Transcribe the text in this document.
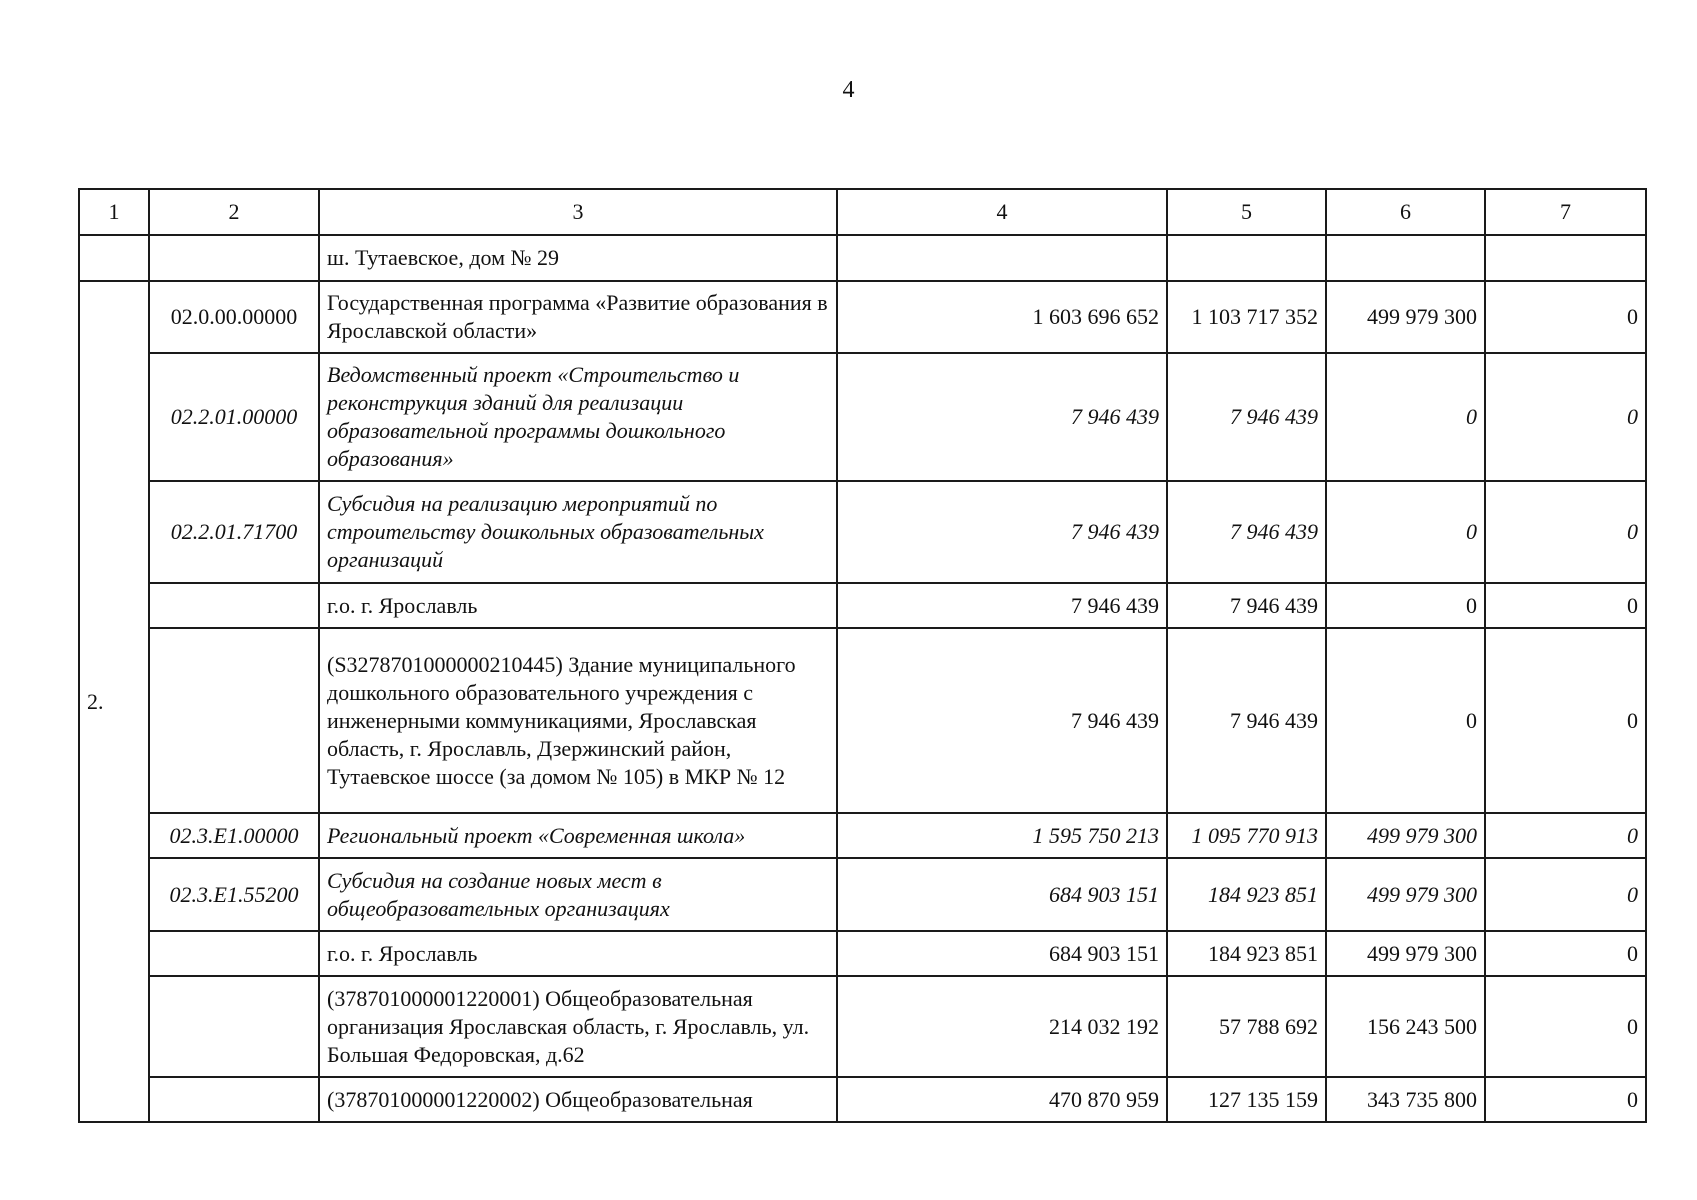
4
1	2	3	4	5	6	7
		ш. Тутаевское, дом № 29				
2.	02.0.00.00000	Государственная программа «Развитие образования в Ярославской области»	1 603 696 652	1 103 717 352	499 979 300	0
	02.2.01.00000	Ведомственный проект «Строительство и реконструкция зданий для реализации образовательной программы дошкольного образования»	7 946 439	7 946 439	0	0
	02.2.01.71700	Субсидия на реализацию мероприятий по строительству дошкольных образовательных организаций	7 946 439	7 946 439	0	0
		г.о. г. Ярославль	7 946 439	7 946 439	0	0
		(S3278701000000210445) Здание муниципального дошкольного образовательного учреждения с инженерными коммуникациями, Ярославская область, г. Ярославль, Дзержинский район, Тутаевское шоссе (за домом № 105) в МКР № 12	7 946 439	7 946 439	0	0
	02.3.E1.00000	Региональный проект «Современная школа»	1 595 750 213	1 095 770 913	499 979 300	0
	02.3.E1.55200	Субсидия на создание новых мест в общеобразовательных организациях	684 903 151	184 923 851	499 979 300	0
		г.о. г. Ярославль	684 903 151	184 923 851	499 979 300	0
		(378701000001220001) Общеобразовательная организация Ярославская область, г. Ярославль, ул. Большая Федоровская, д.62	214 032 192	57 788 692	156 243 500	0
		(378701000001220002) Общеобразовательная	470 870 959	127 135 159	343 735 800	0
